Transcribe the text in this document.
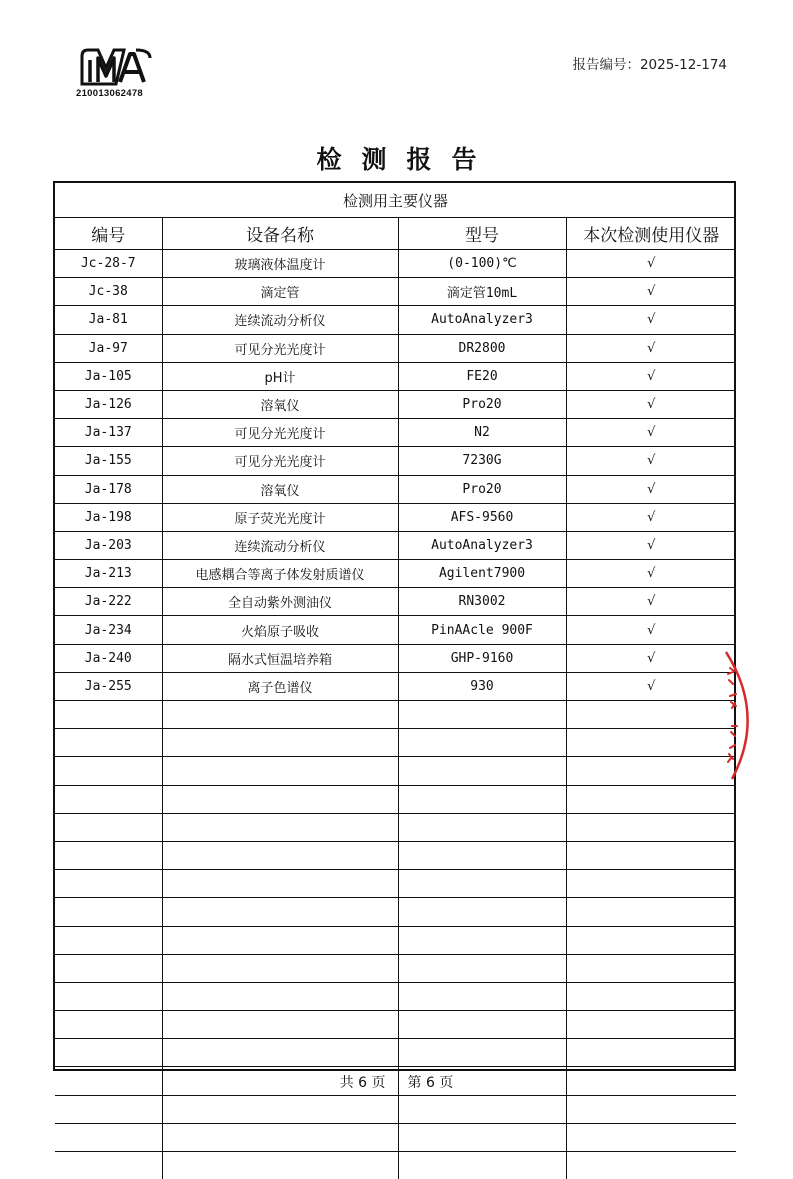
210013062478
报告编号：2025-12-174
检测报告
检测用主要仪器			
编号	设备名称	型号	本次检测使用仪器
Jc-28-7	玻璃液体温度计	(0-100)℃	√
Jc-38	滴定管	滴定管10mL	√
Ja-81	连续流动分析仪	AutoAnalyzer3	√
Ja-97	可见分光光度计	DR2800	√
Ja-105	pH计	FE20	√
Ja-126	溶氧仪	Pro20	√
Ja-137	可见分光光度计	N2	√
Ja-155	可见分光光度计	7230G	√
Ja-178	溶氧仪	Pro20	√
Ja-198	原子荧光光度计	AFS-9560	√
Ja-203	连续流动分析仪	AutoAnalyzer3	√
Ja-213	电感耦合等离子体发射质谱仪	Agilent7900	√
Ja-222	全自动紫外测油仪	RN3002	√
Ja-234	火焰原子吸收	PinAAcle 900F	√
Ja-240	隔水式恒温培养箱	GHP-9160	√
Ja-255	离子色谱仪	930	√

共 6 页 第 6 页
